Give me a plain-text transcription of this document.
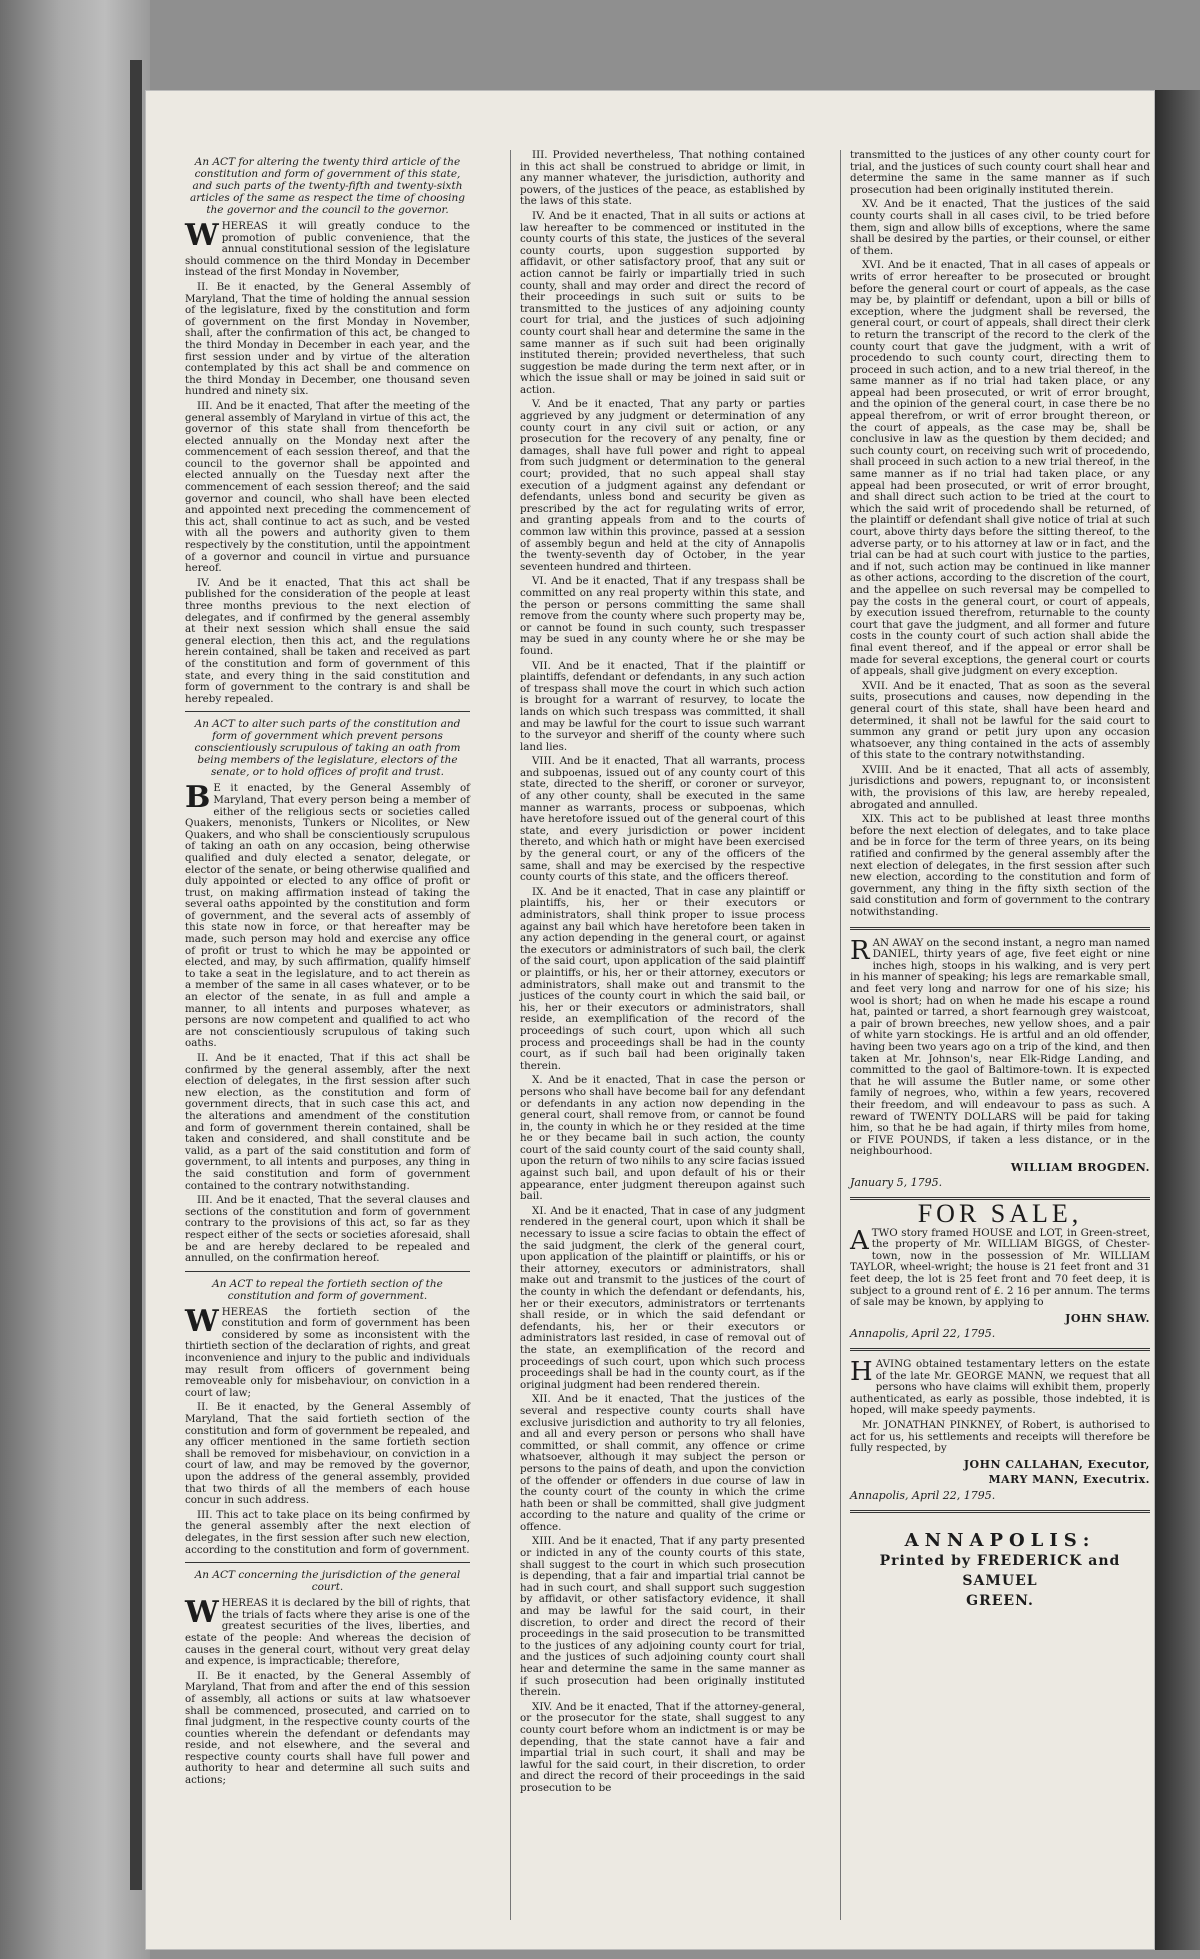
An ACT for altering the twenty third article of the constitution and form of government of this state, and such parts of the twenty-fifth and twenty-sixth articles of the same as respect the time of choosing the governor and the council to the governor.

WHEREAS it will greatly conduce to the promotion of public convenience, that the annual constitutional session of the legislature should commence on the third Monday in December instead of the first Monday in November,

II. Be it enacted, by the General Assembly of Maryland, That the time of holding the annual session of the legislature, fixed by the constitution and form of government on the first Monday in November, shall, after the confirmation of this act, be changed to the third Monday in December in each year, and the first session under and by virtue of the alteration contemplated by this act shall be and commence on the third Monday in December, one thousand seven hundred and ninety six.

III. And be it enacted, That after the meeting of the general assembly of Maryland in virtue of this act, the governor of this state shall from thenceforth be elected annually on the Monday next after the commencement of each session thereof, and that the council to the governor shall be appointed and elected annually on the Tuesday next after the commencement of each session thereof; and the said governor and council, who shall have been elected and appointed next preceding the commencement of this act, shall continue to act as such, and be vested with all the powers and authority given to them respectively by the constitution, until the appointment of a governor and council in virtue and pursuance hereof.

IV. And be it enacted, That this act shall be published for the consideration of the people at least three months previous to the next election of delegates, and if confirmed by the general assembly at their next session which shall ensue the said general election, then this act, and the regulations herein contained, shall be taken and received as part of the constitution and form of government of this state, and every thing in the said constitution and form of government to the contrary is and shall be hereby repealed.

An ACT to alter such parts of the constitution and form of government which prevent persons conscientiously scrupulous of taking an oath from being members of the legislature, electors of the senate, or to hold offices of profit and trust.

BE it enacted, by the General Assembly of Maryland, That every person being a member of either of the religious sects or societies called Quakers, menonists, Tunkers or Nicolites, or New Quakers, and who shall be conscientiously scrupulous of taking an oath on any occasion, being otherwise qualified and duly elected a senator, delegate, or elector of the senate, or being otherwise qualified and duly appointed or elected to any office of profit or trust, on making affirmation instead of taking the several oaths appointed by the constitution and form of government, and the several acts of assembly of this state now in force, or that hereafter may be made, such person may hold and exercise any office of profit or trust to which he may be appointed or elected, and may, by such affirmation, qualify himself to take a seat in the legislature, and to act therein as a member of the same in all cases whatever, or to be an elector of the senate, in as full and ample a manner, to all intents and purposes whatever, as persons are now competent and qualified to act who are not conscientiously scrupulous of taking such oaths.

II. And be it enacted, That if this act shall be confirmed by the general assembly, after the next election of delegates, in the first session after such new election, as the constitution and form of government directs, that in such case this act, and the alterations and amendment of the constitution and form of government therein contained, shall be taken and considered, and shall constitute and be valid, as a part of the said constitution and form of government, to all intents and purposes, any thing in the said constitution and form of government contained to the contrary notwithstanding.

III. And be it enacted, That the several clauses and sections of the constitution and form of government contrary to the provisions of this act, so far as they respect either of the sects or societies aforesaid, shall be and are hereby declared to be repealed and annulled, on the confirmation hereof.

An ACT to repeal the fortieth section of the constitution and form of government.

WHEREAS the fortieth section of the constitution and form of government has been considered by some as inconsistent with the thirtieth section of the declaration of rights, and great inconvenience and injury to the public and individuals may result from officers of government being removeable only for misbehaviour, on conviction in a court of law;

II. Be it enacted, by the General Assembly of Maryland, That the said fortieth section of the constitution and form of government be repealed, and any officer mentioned in the same fortieth section shall be removed for misbehaviour, on conviction in a court of law, and may be removed by the governor, upon the address of the general assembly, provided that two thirds of all the members of each house concur in such address.

III. This act to take place on its being confirmed by the general assembly after the next election of delegates, in the first session after such new election, according to the constitution and form of government.

An ACT concerning the jurisdiction of the general court.

WHEREAS it is declared by the bill of rights, that the trials of facts where they arise is one of the greatest securities of the lives, liberties, and estate of the people: And whereas the decision of causes in the general court, without very great delay and expence, is impracticable; therefore,

II. Be it enacted, by the General Assembly of Maryland, That from and after the end of this session of assembly, all actions or suits at law whatsoever shall be commenced, prosecuted, and carried on to final judgment, in the respective county courts of the counties wherein the defendant or defendants may reside, and not elsewhere, and the several and respective county courts shall have full power and authority to hear and determine all such suits and actions;

III. Provided nevertheless, That nothing contained in this act shall be construed to abridge or limit, in any manner whatever, the jurisdiction, authority and powers, of the justices of the peace, as established by the laws of this state.

IV. And be it enacted, That in all suits or actions at law hereafter to be commenced or instituted in the county courts of this state, the justices of the several county courts, upon suggestion supported by affidavit, or other satisfactory proof, that any suit or action cannot be fairly or impartially tried in such county, shall and may order and direct the record of their proceedings in such suit or suits to be transmitted to the justices of any adjoining county court for trial, and the justices of such adjoining county court shall hear and determine the same in the same manner as if such suit had been originally instituted therein; provided nevertheless, that such suggestion be made during the term next after, or in which the issue shall or may be joined in said suit or action.

V. And be it enacted, That any party or parties aggrieved by any judgment or determination of any county court in any civil suit or action, or any prosecution for the recovery of any penalty, fine or damages, shall have full power and right to appeal from such judgment or determination to the general court; provided, that no such appeal shall stay execution of a judgment against any defendant or defendants, unless bond and security be given as prescribed by the act for regulating writs of error, and granting appeals from and to the courts of common law within this province, passed at a session of assembly begun and held at the city of Annapolis the twenty-seventh day of October, in the year seventeen hundred and thirteen.

VI. And be it enacted, That if any trespass shall be committed on any real property within this state, and the person or persons committing the same shall remove from the county where such property may be, or cannot be found in such county, such trespasser may be sued in any county where he or she may be found.

VII. And be it enacted, That if the plaintiff or plaintiffs, defendant or defendants, in any such action of trespass shall move the court in which such action is brought for a warrant of resurvey, to locate the lands on which such trespass was committed, it shall and may be lawful for the court to issue such warrant to the surveyor and sheriff of the county where such land lies.

VIII. And be it enacted, That all warrants, process and subpoenas, issued out of any county court of this state, directed to the sheriff, or coroner or surveyor, of any other county, shall be executed in the same manner as warrants, process or subpoenas, which have heretofore issued out of the general court of this state, and every jurisdiction or power incident thereto, and which hath or might have been exercised by the general court, or any of the officers of the same, shall and may be exercised by the respective county courts of this state, and the officers thereof.

IX. And be it enacted, That in case any plaintiff or plaintiffs, his, her or their executors or administrators, shall think proper to issue process against any bail which have heretofore been taken in any action depending in the general court, or against the executors or administrators of such bail, the clerk of the said court, upon application of the said plaintiff or plaintiffs, or his, her or their attorney, executors or administrators, shall make out and transmit to the justices of the county court in which the said bail, or his, her or their executors or administrators, shall reside, an exemplification of the record of the proceedings of such court, upon which all such process and proceedings shall be had in the county court, as if such bail had been originally taken therein.

X. And be it enacted, That in case the person or persons who shall have become bail for any defendant or defendants in any action now depending in the general court, shall remove from, or cannot be found in, the county in which he or they resided at the time he or they became bail in such action, the county court of the said county court of the said county shall, upon the return of two nihils to any scire facias issued against such bail, and upon default of his or their appearance, enter judgment thereupon against such bail.

XI. And be it enacted, That in case of any judgment rendered in the general court, upon which it shall be necessary to issue a scire facias to obtain the effect of the said judgment, the clerk of the general court, upon application of the plaintiff or plaintiffs, or his or their attorney, executors or administrators, shall make out and transmit to the justices of the court of the county in which the defendant or defendants, his, her or their executors, administrators or terrtenants shall reside, or in which the said defendant or defendants, his, her or their executors or administrators last resided, in case of removal out of the state, an exemplification of the record and proceedings of such court, upon which such process proceedings shall be had in the county court, as if the original judgment had been rendered therein.

XII. And be it enacted, That the justices of the several and respective county courts shall have exclusive jurisdiction and authority to try all felonies, and all and every person or persons who shall have committed, or shall commit, any offence or crime whatsoever, although it may subject the person or persons to the pains of death, and upon the conviction of the offender or offenders in due course of law in the county court of the county in which the crime hath been or shall be committed, shall give judgment according to the nature and quality of the crime or offence.

XIII. And be it enacted, That if any party presented or indicted in any of the county courts of this state, shall suggest to the court in which such prosecution is depending, that a fair and impartial trial cannot be had in such court, and shall support such suggestion by affidavit, or other satisfactory evidence, it shall and may be lawful for the said court, in their discretion, to order and direct the record of their proceedings in the said prosecution to be transmitted to the justices of any adjoining county court for trial, and the justices of such adjoining county court shall hear and determine the same in the same manner as if such prosecution had been originally instituted therein.

XIV. And be it enacted, That if the attorney-general, or the prosecutor for the state, shall suggest to any county court before whom an indictment is or may be depending, that the state cannot have a fair and impartial trial in such court, it shall and may be lawful for the said court, in their discretion, to order and direct the record of their proceedings in the said prosecution to be

transmitted to the justices of any other county court for trial, and the justices of such county court shall hear and determine the same in the same manner as if such prosecution had been originally instituted therein.

XV. And be it enacted, That the justices of the said county courts shall in all cases civil, to be tried before them, sign and allow bills of exceptions, where the same shall be desired by the parties, or their counsel, or either of them.

XVI. And be it enacted, That in all cases of appeals or writs of error hereafter to be prosecuted or brought before the general court or court of appeals, as the case may be, by plaintiff or defendant, upon a bill or bills of exception, where the judgment shall be reversed, the general court, or court of appeals, shall direct their clerk to return the transcript of the record to the clerk of the county court that gave the judgment, with a writ of procedendo to such county court, directing them to proceed in such action, and to a new trial thereof, in the same manner as if no trial had taken place, or any appeal had been prosecuted, or writ of error brought, and the opinion of the general court, in case there be no appeal therefrom, or writ of error brought thereon, or the court of appeals, as the case may be, shall be conclusive in law as the question by them decided; and such county court, on receiving such writ of procedendo, shall proceed in such action to a new trial thereof, in the same manner as if no trial had taken place, or any appeal had been prosecuted, or writ of error brought, and shall direct such action to be tried at the court to which the said writ of procedendo shall be returned, of the plaintiff or defendant shall give notice of trial at such court, above thirty days before the sitting thereof, to the adverse party, or to his attorney at law or in fact, and the trial can be had at such court with justice to the parties, and if not, such action may be continued in like manner as other actions, according to the discretion of the court, and the appellee on such reversal may be compelled to pay the costs in the general court, or court of appeals, by execution issued therefrom, returnable to the county court that gave the judgment, and all former and future costs in the county court of such action shall abide the final event thereof, and if the appeal or error shall be made for several exceptions, the general court or courts of appeals, shall give judgment on every exception.

XVII. And be it enacted, That as soon as the several suits, prosecutions and causes, now depending in the general court of this state, shall have been heard and determined, it shall not be lawful for the said court to summon any grand or petit jury upon any occasion whatsoever, any thing contained in the acts of assembly of this state to the contrary notwithstanding.

XVIII. And be it enacted, That all acts of assembly, jurisdictions and powers, repugnant to, or inconsistent with, the provisions of this law, are hereby repealed, abrogated and annulled.

XIX. This act to be published at least three months before the next election of delegates, and to take place and be in force for the term of three years, on its being ratified and confirmed by the general assembly after the next election of delegates, in the first session after such new election, according to the constitution and form of government, any thing in the fifty sixth section of the said constitution and form of government to the contrary notwithstanding.

RAN AWAY on the second instant, a negro man named DANIEL, thirty years of age, five feet eight or nine inches high, stoops in his walking, and is very pert in his manner of speaking; his legs are remarkable small, and feet very long and narrow for one of his size; his wool is short; had on when he made his escape a round hat, painted or tarred, a short fearnough grey waistcoat, a pair of brown breeches, new yellow shoes, and a pair of white yarn stockings. He is artful and an old offender, having been two years ago on a trip of the kind, and then taken at Mr. Johnson's, near Elk-Ridge Landing, and committed to the gaol of Baltimore-town. It is expected that he will assume the Butler name, or some other family of negroes, who, within a few years, recovered their freedom, and will endeavour to pass as such. A reward of TWENTY DOLLARS will be paid for taking him, so that he be had again, if thirty miles from home, or FIVE POUNDS, if taken a less distance, or in the neighbourhood.

WILLIAM BROGDEN.
January 5, 1795.
FOR SALE,

ATWO story framed HOUSE and LOT, in Green-street, the property of Mr. WILLIAM BIGGS, of Chester-town, now in the possession of Mr. WILLIAM TAYLOR, wheel-wright; the house is 21 feet front and 31 feet deep, the lot is 25 feet front and 70 feet deep, it is subject to a ground rent of £. 2 16 per annum. The terms of sale may be known, by applying to

JOHN SHAW.
Annapolis, April 22, 1795.

HAVING obtained testamentary letters on the estate of the late Mr. GEORGE MANN, we request that all persons who have claims will exhibit them, properly authenticated, as early as possible, those indebted, it is hoped, will make speedy payments.

Mr. JONATHAN PINKNEY, of Robert, is authorised to act for us, his settlements and receipts will therefore be fully respected, by

JOHN CALLAHAN, Executor,
MARY MANN, Executrix.
Annapolis, April 22, 1795.
ANNAPOLIS:
Printed by FREDERICK and SAMUEL
GREEN.
